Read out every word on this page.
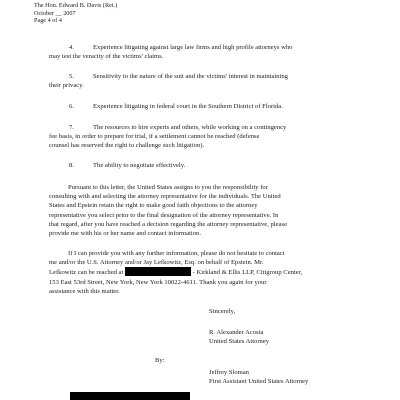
The Hon. Edward B. Davis (Ret.)
October __ 2007
Page 4 of 4
4.	Experience litigating against large law firms and high profile attorneys who
may test the veracity of the victims' claims.
5.	Sensitivity to the nature of the suit and the victims' interest in maintaining
their privacy.
6.	Experience litigating in federal court in the Southern District of Florida.
7.	The resources to hire experts and others, while working on a contingency
fee basis, in order to prepare for trial, if a settlement cannot be reached (defense
counsel has reserved the right to challenge such litigation).
8.	The ability to negotiate effectively.
Pursuant to this letter, the United States assigns to you the responsibility for
consulting with and selecting the attorney representative for the individuals. The United
States and Epstein retain the right to make good faith objections to the attorney
representative you select prior to the final designation of the attorney representative. In
that regard, after you have reached a decision regarding the attorney representative, please
provide me with his or her name and contact information.
If I can provide you with any further information, please do not hesitate to contact
me and/or the U.S. Attorney and/or Jay Lefkowitz, Esq. on behalf of Epstein. Mr.
Lefkowitz can be reached at	- Kirkland & Ellis LLP, Citigroup Center,
153 East 53rd Street, New York, New York 10022-4611. Thank you again for your
assistance with this matter.
Sincerely,
R. Alexander Acosta
United States Attorney
By:
Jeffrey Sloman
First Assistant United States Attorney
